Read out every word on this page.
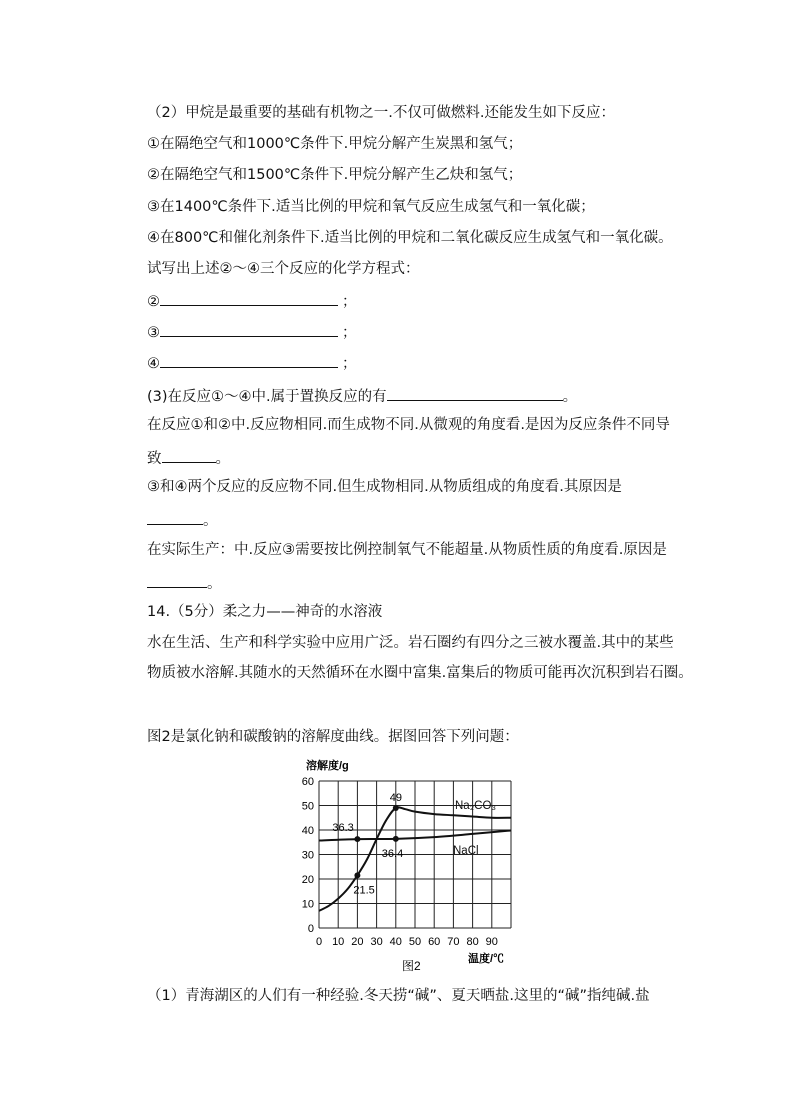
（2）甲烷是最重要的基础有机物之一.不仅可做燃料.还能发生如下反应：
①在隔绝空气和1000℃条件下.甲烷分解产生炭黑和氢气；
②在隔绝空气和1500℃条件下.甲烷分解产生乙炔和氢气；
③在1400℃条件下.适当比例的甲烷和氧气反应生成氢气和一氧化碳；
④在800℃和催化剂条件下.适当比例的甲烷和二氧化碳反应生成氢气和一氧化碳。
试写出上述②～④三个反应的化学方程式：
②	；
③	；
④	；
(3)在反应①～④中.属于置换反应的有	。
在反应①和②中.反应物相同.而生成物不同.从微观的角度看.是因为反应条件不同导
致	。
③和④两个反应的反应物不同.但生成物相同.从物质组成的角度看.其原因是
。
在实际生产：中.反应③需要按比例控制氧气不能超量.从物质性质的角度看.原因是
。
14.（5分）柔之力——神奇的水溶液
水在生活、生产和科学实验中应用广泛。岩石圈约有四分之三被水覆盖.其中的某些
物质被水溶解.其随水的天然循环在水圈中富集.富集后的物质可能再次沉积到岩石圈。
图2是氯化钠和碳酸钠的溶解度曲线。据图回答下列问题：
溶解度/g
0
10
20
30
40
50
60
0 10 20 30 40 50 60 70 80 90
Na₂CO₃
NaCl
49
36.3
36.4
21.5
温度/℃
图2
（1）青海湖区的人们有一种经验.冬天捞“碱”、夏天晒盐.这里的“碱”指纯碱.盐
